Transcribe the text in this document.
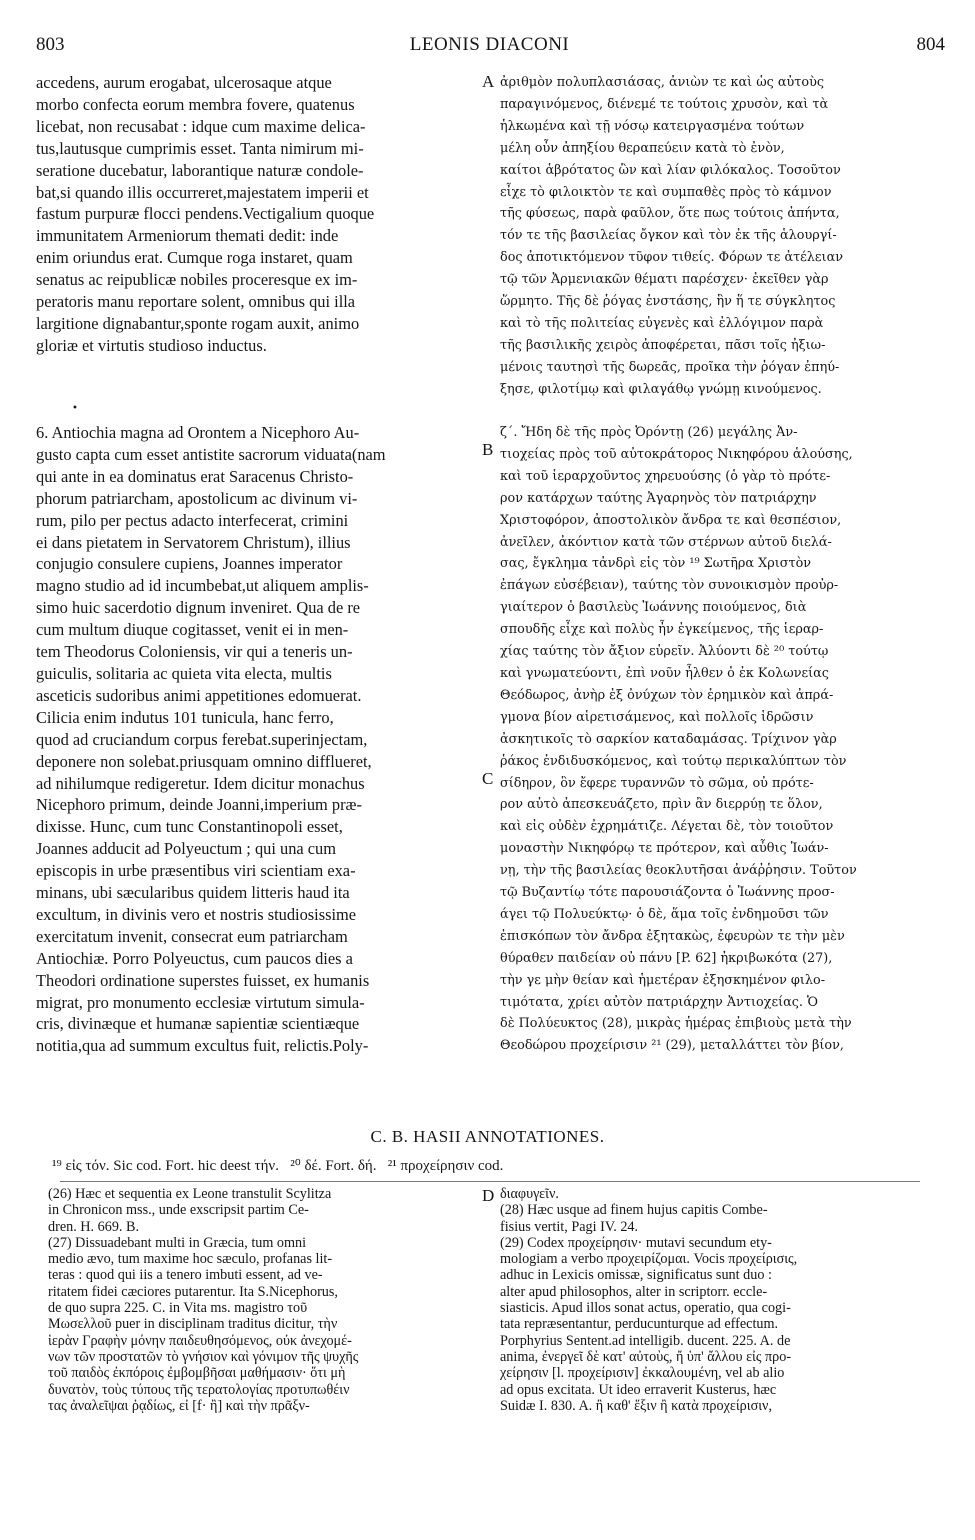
803	LEONIS DIACONI	804
accedens, aurum erogabat, ulcerosaque atque
morbo confecta eorum membra fovere, quatenus
licebat, non recusabat : idque cum maxime delica-
tus,lautusque cumprimis esset. Tanta nimirum mi-
seratione ducebatur, laborantique naturæ condole-
bat,si quando illis occurreret,majestatem imperii et
fastum purpuræ flocci pendens.Vectigalium quoque
immunitatem Armeniorum themati dedit: inde
enim oriundus erat. Cumque roga instaret, quam
senatus ac reipublicæ nobiles proceresque ex im-
peratoris manu reportare solent, omnibus qui illa
largitione dignabantur,sponte rogam auxit, animo
gloriæ et virtutis studioso inductus.
ἀριθμὸν πολυπλασιάσας, ἀνιὼν τε καὶ ὡς αὐτοὺς
παραγινόμενος, διένεμέ τε τούτοις χρυσὸν, καὶ τὰ
ἡλκωμένα καὶ τῇ νόσῳ κατειργασμένα τούτων
μέλη οὖν ἀπηξίου θεραπεύειν κατὰ τὸ ἐνὸν,
καίτοι ἁβρότατος ὢν καὶ λίαν φιλόκαλος. Τοσοῦτον
εἶχε τὸ φιλοικτὸν τε καὶ συμπαθὲς πρὸς τὸ κάμνον
τῆς φύσεως, παρὰ φαῦλον, ὅτε πως τούτοις ἀπήντα,
τόν τε τῆς βασιλείας ὄγκον καὶ τὸν ἐκ τῆς ἁλουργί-
δος ἀποτικτόμενον τῦφον τιθείς. Φόρων τε ἀτέλειαν
τῷ τῶν Ἀρμενιακῶν θέματι παρέσχεν· ἐκεῖθεν γὰρ
ὥρμητο. Τῆς δὲ ῥόγας ἐνστάσης, ἣν ἥ τε σύγκλητος
καὶ τὸ τῆς πολιτείας εὐγενὲς καὶ ἐλλόγιμον παρὰ
τῆς βασιλικῆς χειρὸς ἀποφέρεται, πᾶσι τοῖς ἠξιω-
μένοις ταυτησὶ τῆς δωρεᾶς, προῖκα τὴν ῥόγαν ἐπηύ-
ξησε, φιλοτίμῳ καὶ φιλαγάθῳ γνώμῃ κινούμενος.
•
6. Antiochia magna ad Orontem a Nicephoro Au-
gusto capta cum esset antistite sacrorum viduata(nam
qui ante in ea dominatus erat Saracenus Christo-
phorum patriarcham, apostolicum ac divinum vi-
rum, pilo per pectus adacto interfecerat, crimini
ei dans pietatem in Servatorem Christum), illius
conjugio consulere cupiens, Joannes imperator
magno studio ad id incumbebat,ut aliquem amplis-
simo huic sacerdotio dignum inveniret. Qua de re
cum multum diuque cogitasset, venit ei in men-
tem Theodorus Coloniensis, vir qui a teneris un-
guiculis, solitaria ac quieta vita electa, multis
asceticis sudoribus animi appetitiones edomuerat.
Cilicia enim indutus 101 tunicula, hanc ferro,
quod ad cruciandum corpus ferebat.superinjectam,
deponere non solebat.priusquam omnino difflueret,
ad nihilumque redigeretur. Idem dicitur monachus
Nicephoro primum, deinde Joanni,imperium præ-
dixisse. Hunc, cum tunc Constantinopoli esset,
Joannes adducit ad Polyeuctum ; qui una cum
episcopis in urbe præsentibus viri scientiam exa-
minans, ubi sæcularibus quidem litteris haud ita
excultum, in divinis vero et nostris studiosissime
exercitatum invenit, consecrat eum patriarcham
Antiochiæ. Porro Polyeuctus, cum paucos dies a
Theodori ordinatione superstes fuisset, ex humanis
migrat, pro monumento ecclesiæ virtutum simula-
cris, divinæque et humanæ sapientiæ scientiæque
notitia,qua ad summum excultus fuit, relictis.Poly-
ζ΄. Ἤδη δὲ τῆς πρὸς Ὀρόντῃ (26) μεγάλης Ἀν-
τιοχείας πρὸς τοῦ αὐτοκράτορος Νικηφόρου ἁλούσης,
καὶ τοῦ ἱεραρχοῦντος χηρευούσης (ὁ γὰρ τὸ πρότε-
ρον κατάρχων ταύτης Ἀγαρηνὸς τὸν πατριάρχην
Χριστοφόρον, ἀποστολικὸν ἄνδρα τε καὶ θεσπέσιον,
ἀνεῖλεν, ἀκόντιον κατὰ τῶν στέρνων αὐτοῦ διελά-
σας, ἔγκλημα τἀνδρὶ εἰς τὸν ¹⁹ Σωτῆρα Χριστὸν
ἐπάγων εὐσέβειαν), ταύτης τὸν συνοικισμὸν προὐρ-
γιαίτερον ὁ βασιλεὺς Ἰωάννης ποιούμενος, διὰ
σπουδῆς εἶχε καὶ πολὺς ἦν ἐγκείμενος, τῆς ἱεραρ-
χίας ταύτης τὸν ἄξιον εὑρεῖν. Ἀλύοντι δὲ ²⁰ τούτῳ
καὶ γνωματεύοντι, ἐπὶ νοῦν ἦλθεν ὁ ἐκ Κολωνείας
Θεόδωρος, ἀνὴρ ἐξ ὀνύχων τὸν ἐρημικὸν καὶ ἀπρά-
γμονα βίον αἱρετισάμενος, καὶ πολλοῖς ἱδρῶσιν
ἀσκητικοῖς τὸ σαρκίον καταδαμάσας. Τρίχινον γὰρ
ῥάκος ἐνδιδυσκόμενος, καὶ τούτῳ περικαλύπτων τὸν
σίδηρον, ὃν ἔφερε τυραννῶν τὸ σῶμα, οὐ πρότε-
ρον αὐτὸ ἀπεσκευάζετο, πρὶν ἂν διερρύῃ τε ὅλον,
καὶ εἰς οὐδὲν ἐχρημάτιζε. Λέγεται δὲ, τὸν τοιοῦτον
μοναστὴν Νικηφόρῳ τε πρότερον, καὶ αὖθις Ἰωάν-
νῃ, τὴν τῆς βασιλείας θεοκλυτῆσαι ἀνάῤῥησιν. Τοῦτον
τῷ Βυζαντίῳ τότε παρουσιάζοντα ὁ Ἰωάννης προσ-
άγει τῷ Πολυεύκτῳ· ὁ δὲ, ἅμα τοῖς ἐνδημοῦσι τῶν
ἐπισκόπων τὸν ἄνδρα ἐξητακὼς, ἐφευρὼν τε τὴν μὲν
θύραθεν παιδείαν οὐ πάνυ [P. 62] ἠκριβωκότα (27),
τὴν γε μὴν θείαν καὶ ἡμετέραν ἐξησκημένον φιλο-
τιμότατα, χρίει αὐτὸν πατριάρχην Ἀντιοχείας. Ὁ
δὲ Πολύευκτος (28), μικρὰς ἡμέρας ἐπιβιοὺς μετὰ τὴν
Θεοδώρου προχείρισιν ²¹ (29), μεταλλάττει τὸν βίον,
A
B
C
D
C. B. HASII ANNOTATIONES.
¹⁹ εἰς τόν. Sic cod. Fort. hic deest τήν.   ²⁰ δέ. Fort. δή.   ²¹ προχείρησιν cod.
(26) Hæc et sequentia ex Leone transtulit Scylitza
in Chronicon mss., unde exscripsit partim Ce-
dren. H. 669. B.
(27) Dissuadebant multi in Græcia, tum omni
medio ævo, tum maxime hoc sæculo, profanas lit-
teras : quod qui iis a tenero imbuti essent, ad ve-
ritatem fidei cæciores putarentur. Ita S.Nicephorus,
de quo supra 225. C. in Vita ms. magistro τοῦ
Μωσελλοῦ puer in disciplinam traditus dicitur, τὴν
ἱερὰν Γραφὴν μόνην παιδευθησόμενος, οὐκ ἀνεχομέ-
νων τῶν προστατῶν τὸ γνήσιον καὶ γόνιμον τῆς ψυχῆς
τοῦ παιδὸς ἐκπόροις ἐμβομβῆσαι μαθήμασιν· ὅτι μὴ
δυνατὸν, τοὺς τύπους τῆς τερατολογίας προτυπωθέιν
τας ἀναλεῖψαι ῥᾳδίως, εἰ [f· ἢ] καὶ τὴν πρᾶξν-
διαφυγεῖν.
(28) Hæc usque ad finem hujus capitis Combe-
fisius vertit, Pagi IV. 24.
(29) Codex προχείρησιν· mutavi secundum ety-
mologiam a verbo προχειρίζομαι. Vocis προχείρισις,
adhuc in Lexicis omissæ, significatus sunt duo :
alter apud philosophos, alter in scriptorr. eccle-
siasticis. Apud illos sonat actus, operatio, qua cogi-
tata repræsentantur, perducunturque ad effectum.
Porphyrius Sentent.ad intelligib. ducent. 225. A. de
anima, ἐνεργεῖ δὲ κατ' αὐτοὺς, ἤ ὑπ' ἄλλου εἰς προ-
χείρησιν [l. προχείρισιν] ἐκκαλουμένη, vel ab alio
ad opus excitata. Ut ideo erraverit Kusterus, hæc
Suidæ I. 830. A. ἢ καθ' ἕξιν ἢ κατὰ προχείρισιν,
